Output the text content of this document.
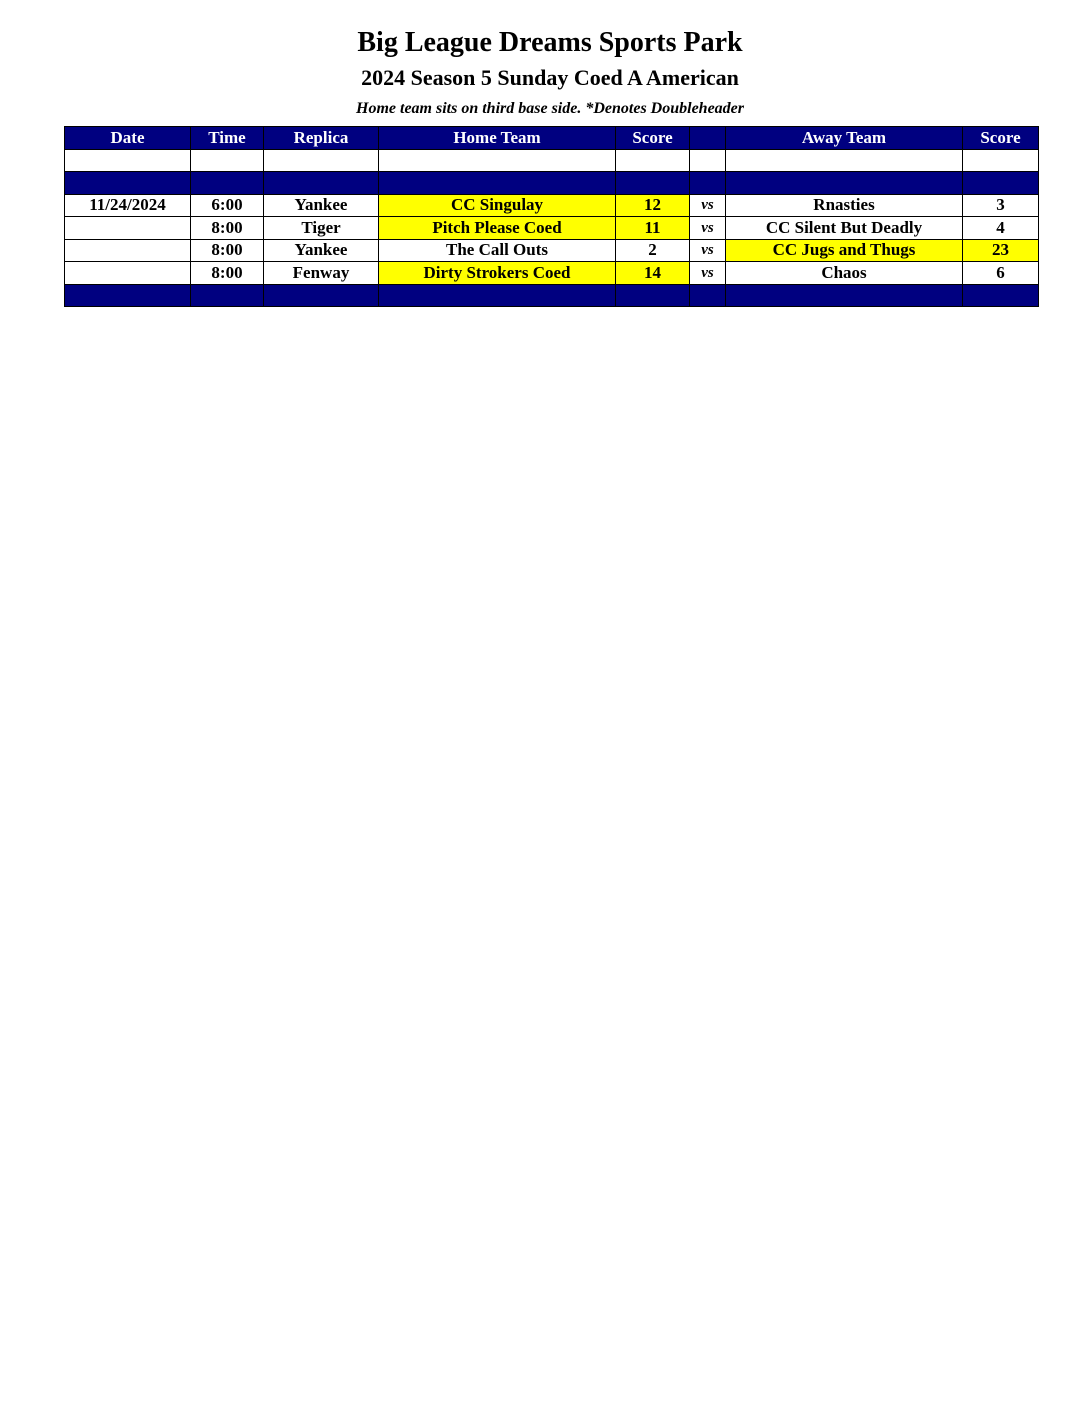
Big League Dreams Sports Park
2024 Season 5 Sunday Coed A American
Home team sits on third base side. *Denotes Doubleheader
Date	Time	Replica	Home Team	Score		Away Team	Score

11/24/2024	6:00	Yankee	CC Singulay	12	vs	Rnasties	3
	8:00	Tiger	Pitch Please Coed	11	vs	CC Silent But Deadly	4
	8:00	Yankee	The Call Outs	2	vs	CC Jugs and Thugs	23
	8:00	Fenway	Dirty Strokers Coed	14	vs	Chaos	6
